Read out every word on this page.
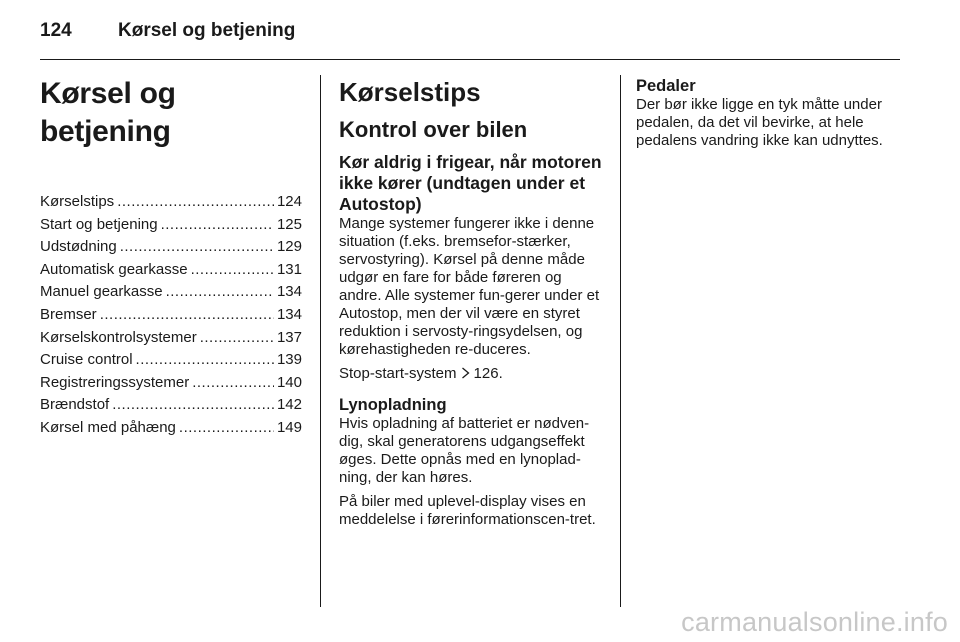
124	Kørsel og betjening
Kørsel og betjening
Kørselstips .....	124
Start og betjening .....	125
Udstødning .....	129
Automatisk gearkasse .....	131
Manuel gearkasse .....	134
Bremser .....	134
Kørselskontrolsystemer .....	137
Cruise control .....	139
Registreringssystemer .....	140
Brændstof .....	142
Kørsel med påhæng .....	149
Kørselstips
Kontrol over bilen
Kør aldrig i frigear, når motoren ikke kører (undtagen under et Autostop)

Mange systemer fungerer ikke i denne situation (f.eks. bremsefor-stærker, servostyring). Kørsel på denne måde udgør en fare for både føreren og andre. Alle systemer fun-gerer under et Autostop, men der vil være en styret reduktion i servosty-ringsydelsen, og kørehastigheden re-duceres.

Stop-start-system 126.

Lynopladning

Hvis opladning af batteriet er nødven-dig, skal generatorens udgangseffekt øges. Dette opnås med en lynoplad-ning, der kan høres.

På biler med uplevel-display vises en meddelelse i førerinformationscen-tret.

Pedaler

Der bør ikke ligge en tyk måtte under pedalen, da det vil bevirke, at hele pedalens vandring ikke kan udnyttes.

carmanualsonline.info
